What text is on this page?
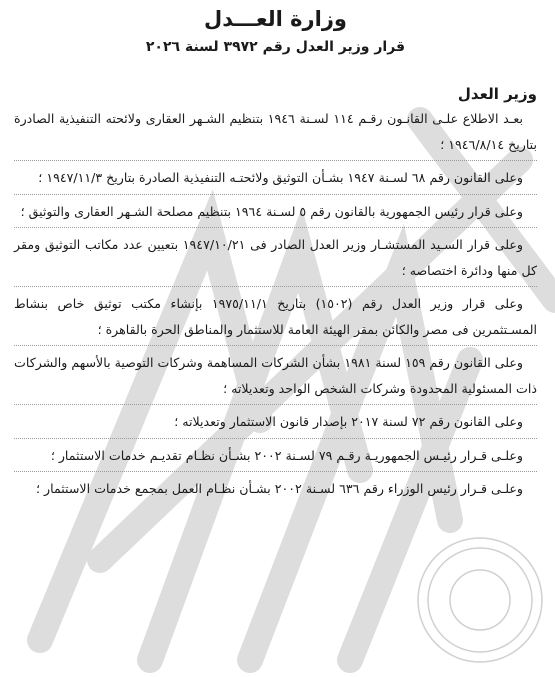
وزارة العـــدل
قرار وزير العدل رقم ٣٩٧٢ لسنة ٢٠٢٦
وزير العدل

بعـد الاطلاع علـى القانـون رقـم ١١٤ لسـنة ١٩٤٦ بتنظيم الشـهر العقارى ولائحته التنفيذية الصادرة بتاريخ ١٩٤٦/٨/١٤ ؛

وعلى القانون رقم ٦٨ لسـنة ١٩٤٧ بشـأن التوثيق ولائحتـه التنفيذية الصادرة بتاريخ ١٩٤٧/١١/٣ ؛

وعلى قرار رئيس الجمهورية بالقانون رقم ٥ لسـنة ١٩٦٤ بتنظيم مصلحة الشـهر العقارى والتوثيق ؛

وعلى قرار السـيد المستشـار وزير العدل الصادر فى ١٩٤٧/١٠/٢١ بتعيين عدد مكاتب التوثيق ومقر كل منها ودائرة اختصاصه ؛

وعلى قرار وزير العدل رقم (١٥٠٢) بتاريخ ١٩٧٥/١١/١ بإنشاء مكتب توثيق خاص بنشاط المسـتثمرين فى مصر والكائن بمقر الهيئة العامة للاستثمار والمناطق الحرة بالقاهرة ؛

وعلى القانون رقم ١٥٩ لسنة ١٩٨١ بشأن الشركات المساهمة وشركات التوصية بالأسهم والشركات ذات المسئولية المحدودة وشركات الشخص الواحد وتعديلاته ؛

وعلى القانون رقم ٧٢ لسنة ٢٠١٧ بإصدار قانون الاستثمار وتعديلاته ؛

وعلـى قـرار رئيـس الجمهوريـة رقـم ٧٩ لسـنة ٢٠٠٢ بشـأن نظـام تقديـم خدمات الاستثمار ؛

وعلـى قـرار رئيس الوزراء رقم ٦٣٦ لسـنة ٢٠٠٢ بشـأن نظـام العمل بمجمع خدمات الاستثمار ؛
